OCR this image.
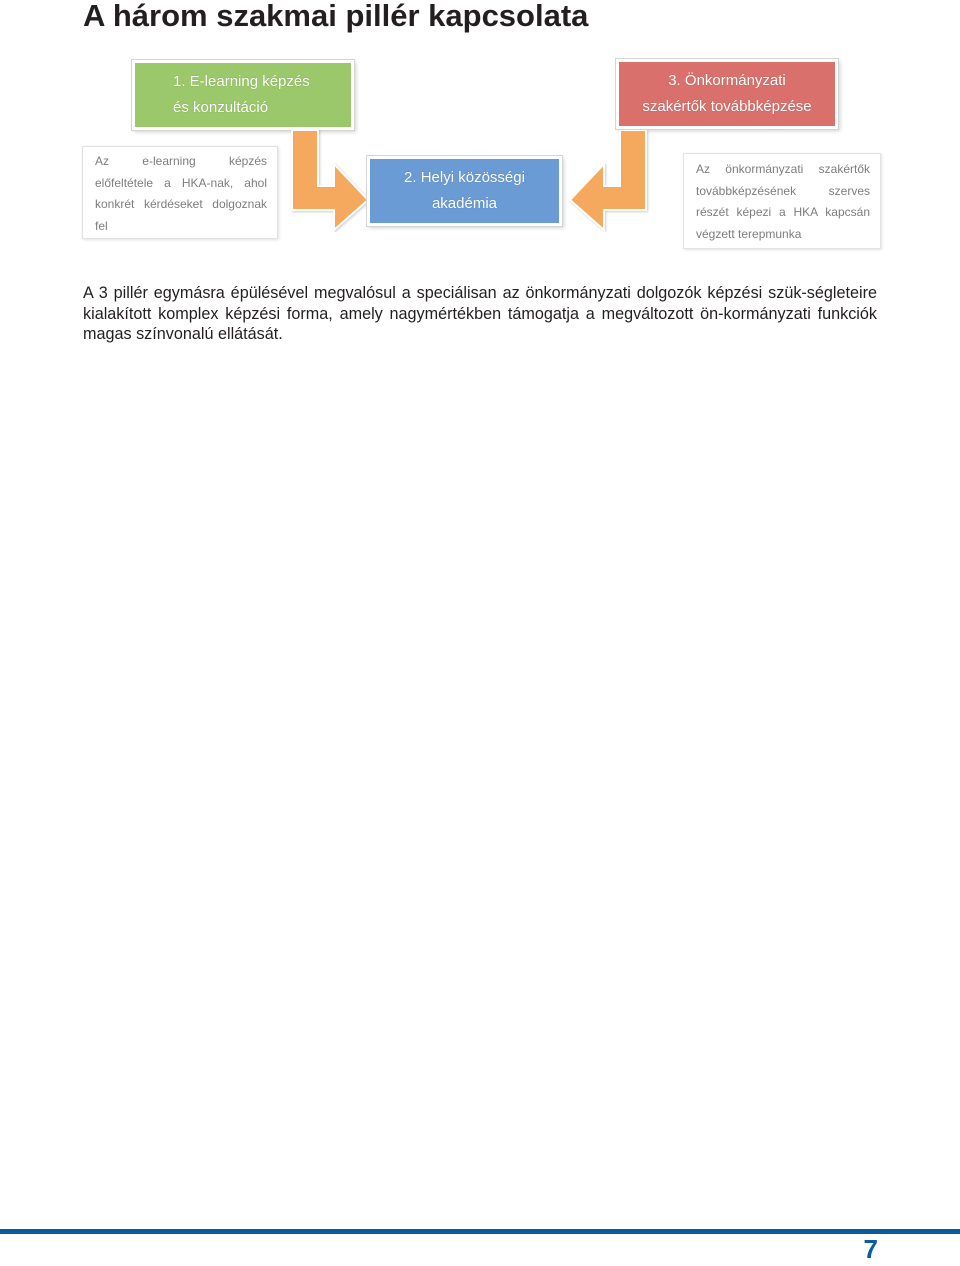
A három szakmai pillér kapcsolata
1. E-learning képzés
és konzultáció
3. Önkormányzati
szakértők továbbképzése
Az e-learning képzés előfeltétele a HKA-nak, ahol konkrét kérdéseket dolgoznak fel
2. Helyi közösségi
akadémia
Az önkormányzati szakértők továbbképzésének szerves részét képezi a HKA kapcsán végzett terepmunka

A 3 pillér egymásra épülésével megvalósul a speciálisan az önkormányzati dolgozók képzési szük-ségleteire kialakított komplex képzési forma, amely nagymértékben támogatja a megváltozott ön-kormányzati funkciók magas színvonalú ellátását.

7
